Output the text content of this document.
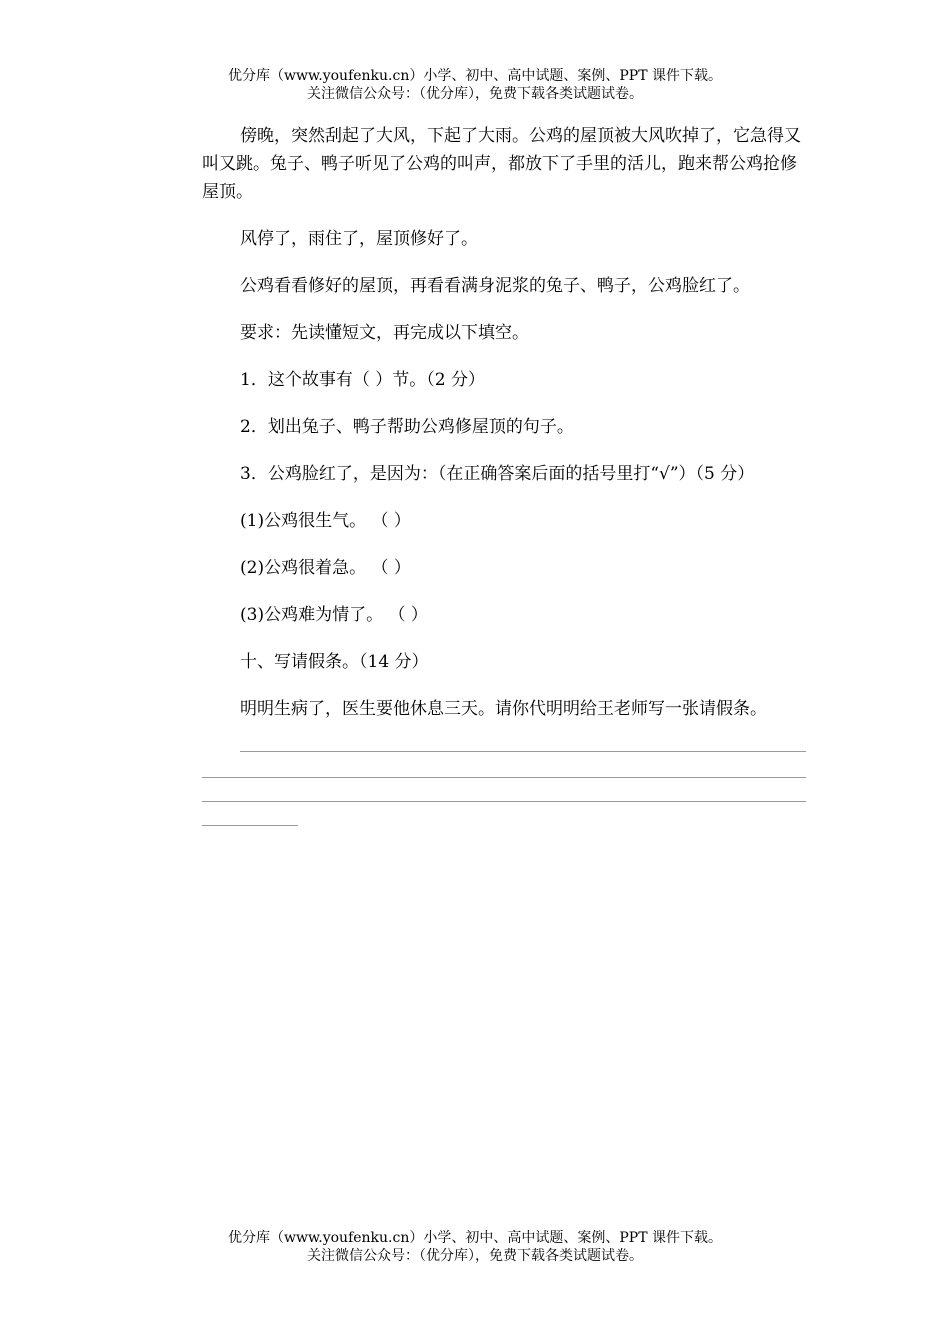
优分库（www.youfenku.cn）小学、初中、高中试题、案例、PPT 课件下载。
关注微信公众号：（优分库），免费下载各类试题试卷。

傍晚，突然刮起了大风，下起了大雨。公鸡的屋顶被大风吹掉了，它急得又叫又跳。兔子、鸭子听见了公鸡的叫声，都放下了手里的活儿，跑来帮公鸡抢修屋顶。

风停了，雨住了，屋顶修好了。

公鸡看看修好的屋顶，再看看满身泥浆的兔子、鸭子，公鸡脸红了。

要求：先读懂短文，再完成以下填空。

1．这个故事有（ ）节。（2 分）

2．划出兔子、鸭子帮助公鸡修屋顶的句子。

3．公鸡脸红了，是因为：（在正确答案后面的括号里打“√”）（5 分）

(1)公鸡很生气。 （ ）

(2)公鸡很着急。 （ ）

(3)公鸡难为情了。 （ ）

十、写请假条。（14 分）

明明生病了，医生要他休息三天。请你代明明给王老师写一张请假条。

优分库（www.youfenku.cn）小学、初中、高中试题、案例、PPT 课件下载。
关注微信公众号：（优分库），免费下载各类试题试卷。
